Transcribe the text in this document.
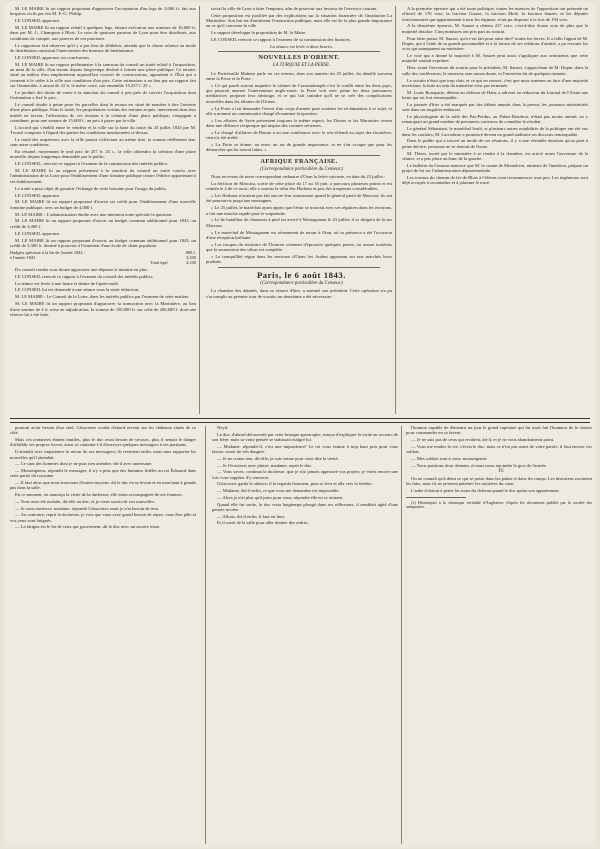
M. LE MAIRE lit un rapport proposant d'approuver l'acceptation d'un legs de 3,000 fr. fait aux hospices civils par feu M. F.-G. Phillip.

LE CONSEIL approuve.

M. LE MAIRE lit un rapport relatif à quelques legs, faisant exécution aux sommes de 10,600 fr. dans par M. G. Champion à Blois. Le soin de quatorze pauvres de Lyon pour être distribués, aux conditions de compte, aux pauvres de ces paroisses.

Le rapporteur fait observer qu'il y a pas lieu de délibérer, attendu que la clause relative au mode de distribution consistait l'intervention des bureaux de bienfaisance.

LE CONSEIL approuve ces conclusions.

M. LE MAIRE lit un rapport préliminaire à la sanction du conseil un traité relatif à l'acquisition, au nom de la ville, d'un terrain depuis long-temps destiné à former une place publique. Ce terrain, situé au milieu d'un emplacement aujourd'hui couvert de constructions, appartient à l'État qui a consenti à le céder à la ville aux conditions d'un prix. Cette estimation a eu lieu par un rapport fait sur l'immeuble, à raison de 22 fr. le mètre carré, soit ensemble 15,257 f. 25 c.

Le produit des droits de vente à la sanction du conseil à peu près de couvrir l'acquisition dont l'estimation a fixé le prix.

Le conseil étudie à peine prise les parcelles dont le terrain est situé de manière à être l'assiette d'une place publique. Pour le traité, les propriétaires voisins des terrains acquis, intervenant dans leur intérêt en faveur, l'affectation de ces terrains à la création d'une place publique, s'engagent à contribuer, pour une somme de 15,600 f., au prix à payer par la ville.

L'accord qui s'établit entre le vendeur et la ville sur la base du traité du 23 juillet 1843 par M. Trouvé comporte à l'égard des parties les conditions mentionnées ci-dessus.

Le traité des acquéreurs avec la ville pourra s'effectuer au même titre, la somme réellement due, sans autre conditions.

En résumé, moyennant le seul prix de 257 fr. 25 c., la ville obtiendra la création d'une place nouvelle, depuis longtemps demandée par le public.

LE CONSEIL, renvoie ce rapport à l'examen de la commission des intérêts publics.

M. LE MAIRE lit un rapport présentant à la sanction du conseil un traité conclu avec l'administration de la Loire pour l'établissement d'une fontaine publique contre l'édifice appartenant à cet établissement.

Le traité a pour objet de garantir l'échange de cette fontaine pour l'usage du public.

LE CONSEIL approuve.

M. LE MAIRE lit un rapport proposant d'ouvrir un crédit pour l'établissement d'une nouvelle fontaine publique, avec un budget de 4,000 f.

M. LE MAIRE : L'administration étudie avec une intention toute spéciale la question.

M. LE MAIRE lit un rapport proposant d'ouvrir un budget commun additionnel pour 1843, un crédit de 3,400 f.

LE CONSEIL approuve.

M. LE MAIRE lit un rapport proposant d'ouvrir, au budget commun additionnel pour 1843, un crédit de 3,300 fr. destiné à pourvoir à l'entretien d'une école de chant populaire.

Budgets spéciaux à la fin de l'année 1842 :	800 f.
à l'année 1843	3,300
Total égal	4,100

Du conseil vendra sous douze approuver une dépense si minime en plus.

LE CONSEIL renvoie ce rapport à l'examen du conseil des intérêts publics.

La séance est levée à une heure et demie de l'après-midi.

LE CONSEIL lui est demandé à une séance sous la seule réduction.

M. LE MAIRE : Le Conseil de la Loire, dans les intérêts publics par l'examen de cette matière.

M. LE MAIRE lit un rapport proposant d'approuver la transaction avec la Martinière, au lieu d'une somme de 4 fr. mise en adjudication, la somme de 100,000 fr. sur celle de 200,000 f. dont une réserve lui a été faite.

social la ville de Lyon à faire l'emprunt, afin de pourvoir aux besoins de l'exercice courant.

Cette proposition est justifiée par des explications sur la situation financière de l'institution La Martinière. Son but est d'entretenir l'instruction publique, mais elle est de la plus grande importance en ce qu'il concerne la ville.

Le rapport développe la proposition de M. le Maire.

LE CONSEIL renvoie ce rapport à l'examen de sa commission des finances.

La séance est levée à deux heures.

NOUVELLES D'ORIENT.

LA TURQUIE ET LA PERSE.

Le Portefeuille Maltese parle en ces termes, dans son numéro du 25 juillet, du démêlé survenu entre la Perse et la Porte :

« Ce qui paraît surtout inquiéter le cabinet de Constantinople c'est le conflit entre les deux pays, qui pourrait amener l'intervention anglo-russe; la Porte voit avec peine les deux puissances médiatrices proposer leur arbitrage, et ce qui fait craindre qu'il ne se crée des complications nouvelles dans les affaires de l'Orient.

« La Porte a fait demander l'envoi d'un corps d'armée pour soutenir les réclamations à ce sujet, et elle a nommé un commissaire chargé d'examiner la question.

« Les affaires de Syrie présentent toujours le même aspect; les Druses et les Maronites vivent dans une défiance réciproque qui inspire des craintes sérieuses.

« Le chargé d'affaires de Russie a eu une conférence avec le reis-effendi au sujet des frontières; rien n'a été arrêté.

« La Porte se donne, au reste, un air de grande importance, et ne s'en occupe que pour les démarches qui lui seront faites. »

AFRIQUE FRANÇAISE.

(Correspondance particulière du Censeur.)

Nous recevons de notre correspondant ordinaire d'Oran la lettre suivante, en date du 25 juillet :

La division de Mascara, sortie de cette place du 17 au 18 juin, a parcouru plusieurs points et est rentrée le 2 de ce mois; elle a soumis la tribu des Hachem et pris des troupeaux considérables.

« Les Harbans n'avaient pas fait encore leur soumission quand le général partit de Mascara; ils ont été poursuivis jusqu'aux montagnes.

« Le 25 juillet, le maréchal ayant appris que l'émir se trouvait avec ses réguliers dans les environs, a fait une marche rapide pour le surprendre.

« Le 6e bataillon de chasseurs à pied est arrivé à Mostaganem le 23 juillet; il se dirigera de là sur Mascara.

« Le maréchal de Mostaganem est récemment de retour à Oran, où sa présence a été l'occasion d'une réception brillante.

« Les troupes du territoire de Tlemcen viennent d'éprouver quelques pertes; on assure toutefois que la soumission des tribus est complète.

« La tranquillité règne dans les environs d'Oran; les Arabes apportent sur nos marchés leurs produits.

Paris, le 6 août 1843.

(Correspondance particulière du Censeur.)

La chambre des députés, dans sa séance d'hier, a nommé son président. Cette opération n'a pu s'accomplir au premier tour de scrutin; un deuxième a été nécessaire.

A la première épreuve qui a été toute politique, toutes les nuances de l'opposition ont présenté un effectif de 176 voix; la fraction Guizot, la fraction Molé, la fraction Sauzet, et les députés fonctionnaires qui appartiennent à tous les régimes, n'ont pu disposer à la fois de 194 voix.

A la deuxième épreuve, M. Sauzet a obtenu 227 voix, c'est-à-dire douze voix de plus que la majorité absolue. Cinq ministres ont pris part au scrutin.

Pour faire passer M. Sauzet, qu'a-t-on fait pour ainsi dire? toutes les forces. Il a fallu l'appui de M. Dupin, qui à l'aide de sa grande personnalité et à la faveur de ses relations d'amitié, a pu recruter les voix qui manquaient au ministère.

Le vote qui a donné la majorité à M. Sauzet peut aussi s'appliquer aux sentiments que cette majorité voulait exprimer.

Hier, avant l'ouverture du scrutin pour le président, M. Sauzet, s'approchant de M. Dupin, dans la salle des conférences, le remercia sans aucun doute, et l'entretien fut de quelques instants.

Le scrutin n'était que trop clair, et ce qui en ressort, c'est que nous sommes en face d'une majorité incertaine; la lutte au sein du ministère n'est pas terminée.

M. Louis Bonaparte, détenu au château de Ham, a adressé au rédacteur du Journal de l'Aisne une lettre qui est fort remarquable.

La journée d'hier a été marquée par des débats animés dans la presse; les journaux ministériels sont dans un singulier embarras.

Le physiologiste de la salle des Pas-Perdus, au Palais-Bourbon, n'était pas moins animé; on y remarquait un grand nombre de personnes curieuses de connaître le résultat.

Le général Sébastiani, le maréchal Soult, et plusieurs autres notabilités de la politique ont été vus dans les couloirs; M. Lacordaire a prononcé devant un grand auditoire un discours remarquable.

Dans le public qui a trouvé un mode de ces réunions, il y a une véritable émotion qu'on peut à peine décrire; personne ne se doutait de l'issue.

M. Thiers, invité par le ministère à se rendre à la chambre, est arrivé avant l'ouverture de la séance, et a pris place au banc de la gauche.

Le bulletin du Censeur annonce que M. le comte de Montalivet, ministre de l'intérieur, prépare un projet de loi sur l'administration départementale.

Les travaux du chemin de fer de Blois à Orléans vont recommencer sous peu. Les ingénieurs sont déjà occupés à reconnaître et à jalonner le tracé.

pourrait avoir besoin d'un chef, Gloucester voulut d'abord revenir sur les châteaux situés de ce côté.

Mais ces tentatives étaient inutiles, plus le duc avait besoin de secours, plus il sentait le danger d'affaiblir ses propres forces; aussi se contenta-t-il d'envoyer quelques messagers à ses partisans.

Il attendit avec impatience le retour de ses messagers; ils revinrent enfin, mais sans rapporter les nouvelles qu'il attendait.

— Ce sont des hommes dont je ne puis rien attendre, dit-il avec amertume.

— Monseigneur, répondit le messager, il n'y a plus que des hommes fidèles au roi Édouard dans cette partie du royaume.

— Il faut alors que nous trouvions d'autres moyens, dit le duc en se levant et en marchant à grands pas dans la salle.

En ce moment, on annonça la visite de la duchesse; elle entra accompagnée de ses femmes.

— Vous avez été malade, dit-elle au duc, et je viens savoir de vos nouvelles.

— Je vous remercie, madame, répondit Gloucester, mais je n'ai besoin de rien.

— Au contraire, reprit la duchesse, je vois que vous avez grand besoin de repos; vous êtes pâle et vos yeux sont fatigués.

— La fatigue est le lot de ceux qui gouvernent, dit le duc avec un sourire triste.

Neyil.

Le duc, d'abord déconcerté par cette brusque apostrophe, essaya d'expliquer la visite au secours de son frère; mais sa vraie pensée se trahissait malgré lui.

— Madame, répondit-il, c'est une imprudence! Le roi vous estime à trop haut prix pour vous laisser courir de tels dangers.

— Je ne crains rien, dit-elle; je suis venue pour vous dire la vérité.

— Je l'écouterai avec plaisir, madame, reprit le duc.

— Vous savez, continua la duchesse, que je n'ai jamais approuvé vos projets; je viens encore une fois vous supplier d'y renoncer.

Gloucester garda le silence; il la regarda fixement, puis se leva et alla vers la fenêtre.

— Madame, dit-il enfin, ce que vous me demandez est impossible.

— Alors je n'ai plus qu'à prier pour vous, répondit-elle en se retirant.

Quand elle fut sortie, le duc resta longtemps plongé dans ses réflexions; il semblait agité d'une pensée secrète.

— Allons, dit-il enfin, il faut en finir.

Et il sortit de la salle pour aller donner des ordres.

l'homme capable de démentir un jour le grand capitaine qui lui avait fait l'honneur de le choisir pour commander en sa faveur.

— Je ne suis pas de ceux qui reculent, dit-il, et je ne vous abandonnerai point.

— Vous me rendez la vie, s'écria le duc; mais ce n'est pas assez de votre parole, il faut encore vos soldats.

— Mes soldats sont à vous, monseigneur.

— Nous partirons donc demain, et nous irons rejoindre le gros de l'armée.

IV.

On ne connaît qu'à demi ce qui se passe dans les palais et dans les camps. Les historiens racontent les faits, mais ils ne peuvent pénétrer les mystères du cœur.

L'aube éclairait à peine les tours du château quand le duc quitta son appartement.

(1) Historiques à la chronique véritable d'Angleterre, d'après les documents publiés par la société des antiquaires.
